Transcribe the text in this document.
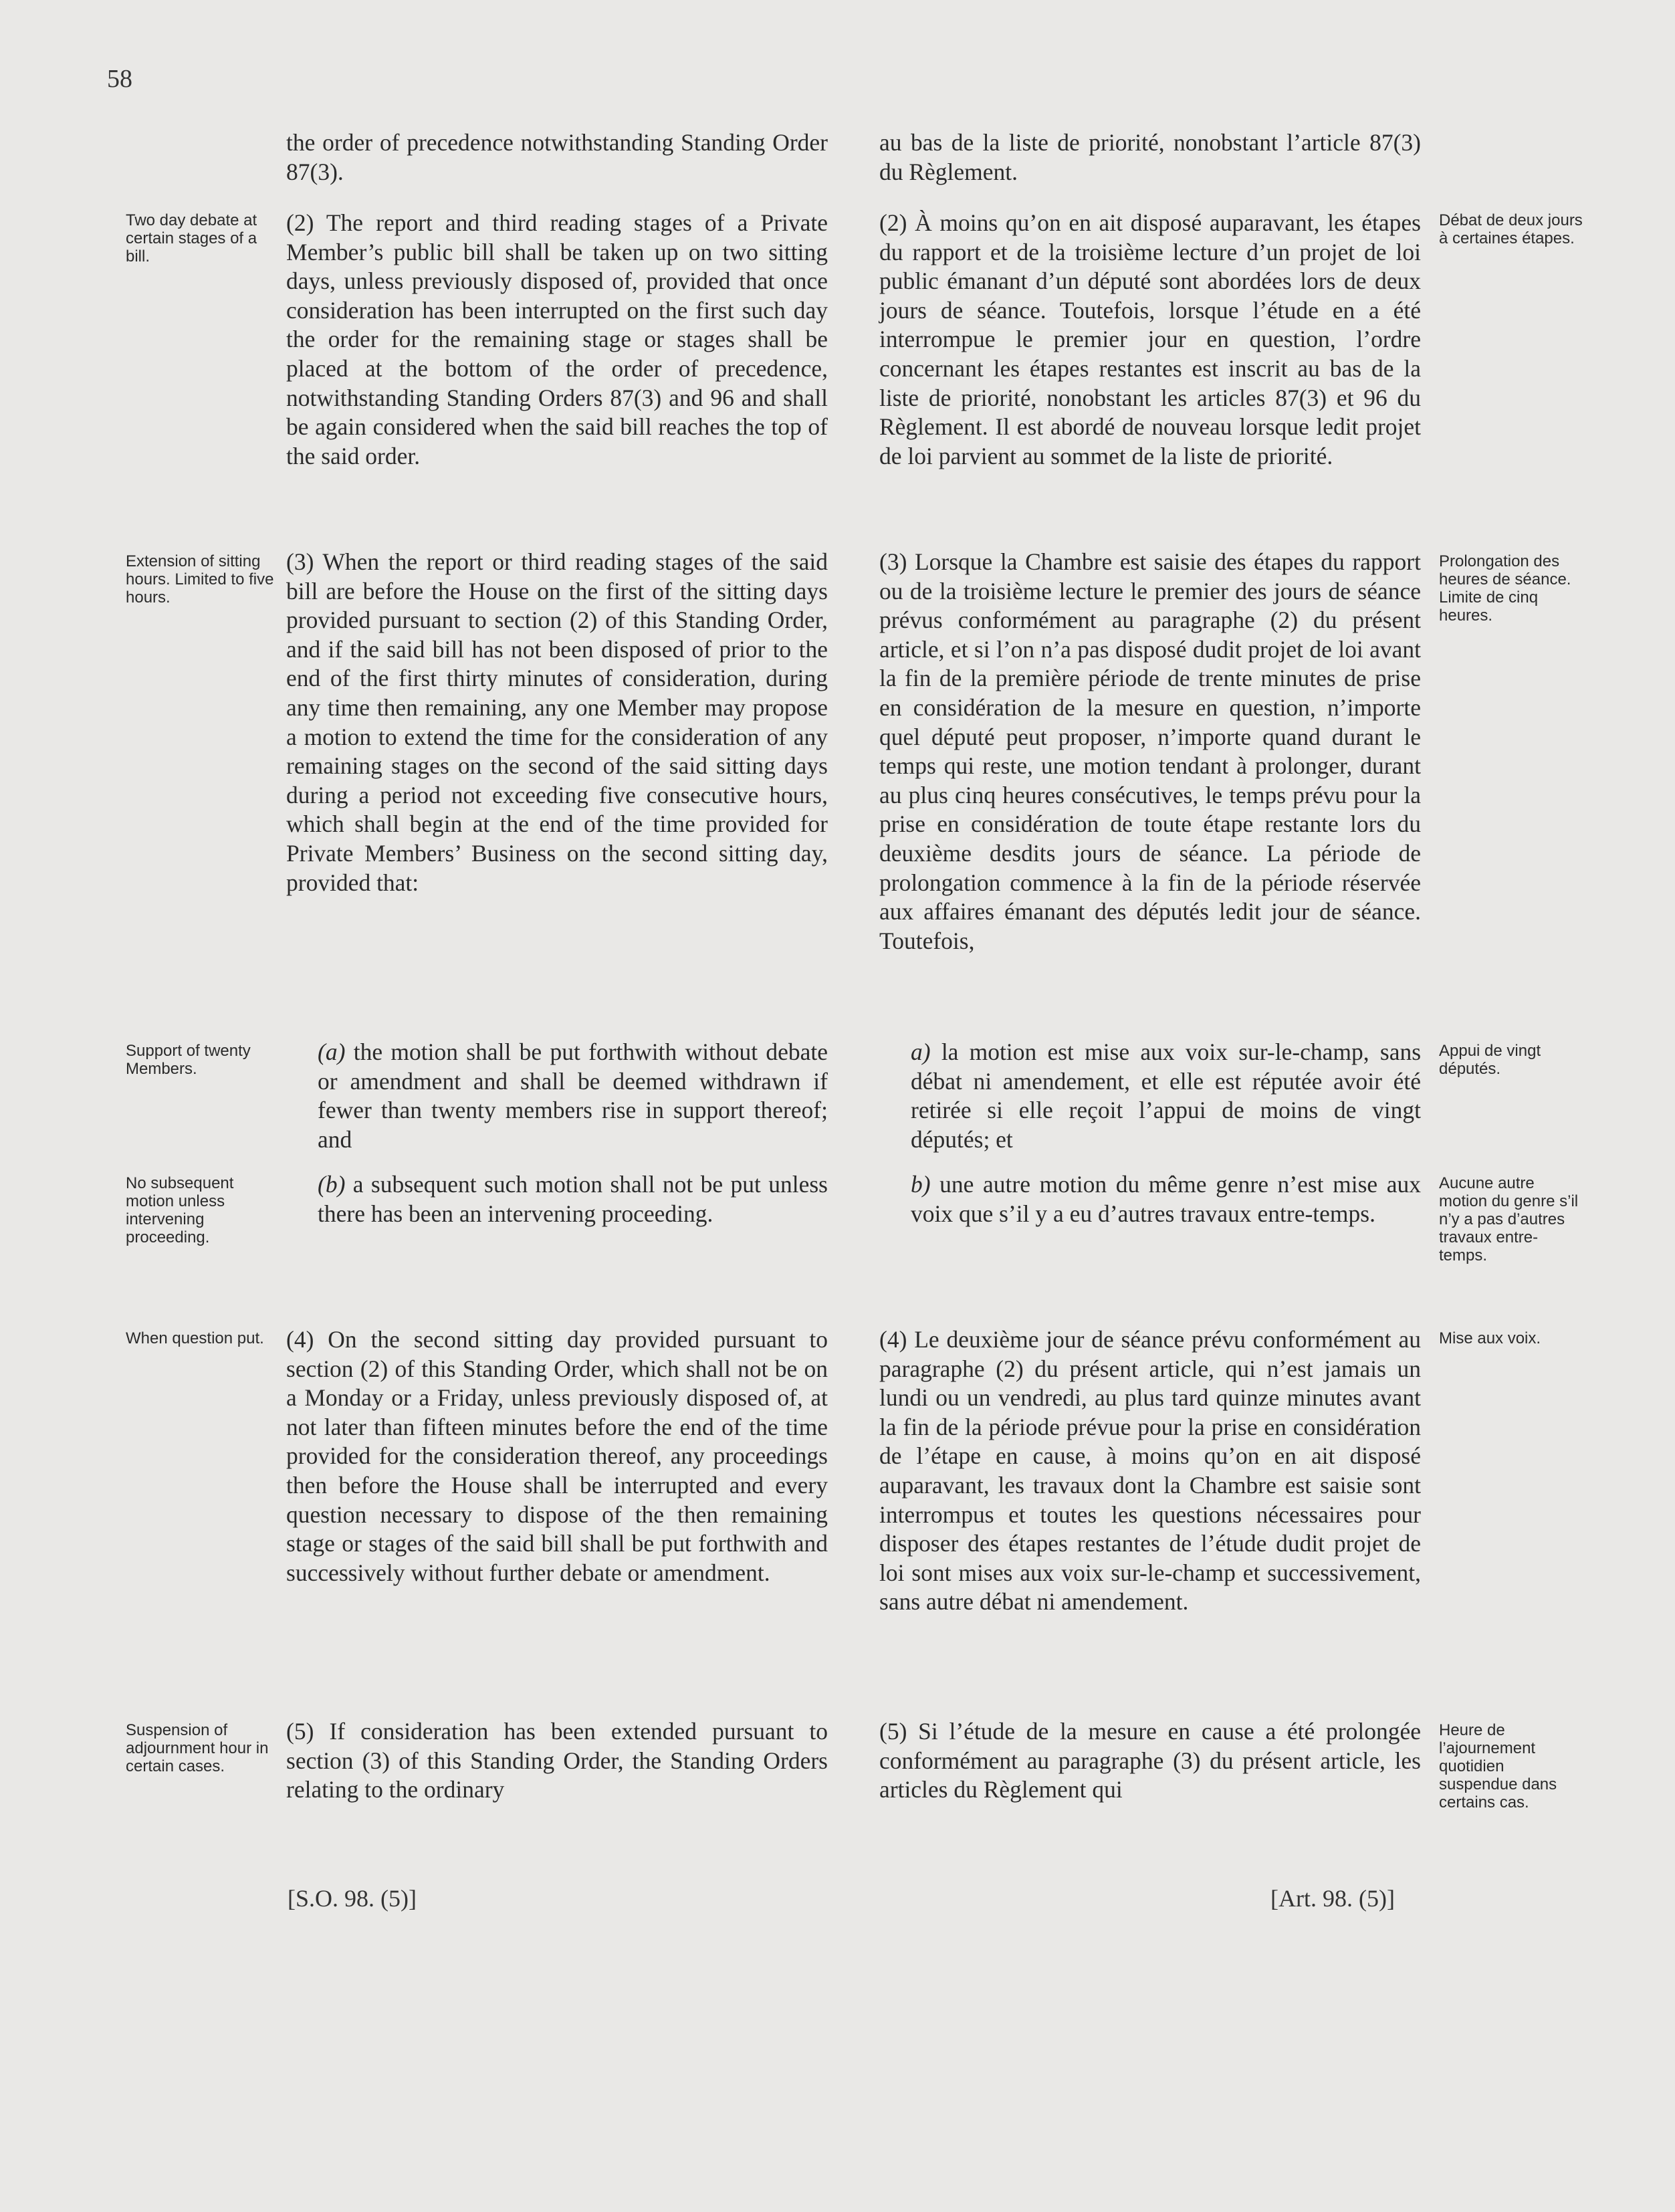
58

the order of precedence notwithstanding Standing Order 87(3).

au bas de la liste de priorité, nonobstant l’article 87(3) du Règlement.

Two day debate at certain stages of a bill.

(2) The report and third reading stages of a Private Member’s public bill shall be taken up on two sitting days, unless previously disposed of, provided that once consideration has been interrupted on the first such day the order for the remaining stage or stages shall be placed at the bottom of the order of precedence, notwithstanding Standing Orders 87(3) and 96 and shall be again considered when the said bill reaches the top of the said order.

(2) À moins qu’on en ait disposé auparavant, les étapes du rapport et de la troisième lecture d’un projet de loi public émanant d’un député sont abordées lors de deux jours de séance. Toutefois, lorsque l’étude en a été interrompue le premier jour en question, l’ordre concernant les étapes restantes est inscrit au bas de la liste de priorité, nonobstant les articles 87(3) et 96 du Règlement. Il est abordé de nouveau lorsque ledit projet de loi parvient au sommet de la liste de priorité.

Débat de deux jours à certaines étapes.
Extension of sitting hours. Limited to five hours.

(3) When the report or third reading stages of the said bill are before the House on the first of the sitting days provided pursuant to section (2) of this Standing Order, and if the said bill has not been disposed of prior to the end of the first thirty minutes of consideration, during any time then remaining, any one Member may propose a motion to extend the time for the consideration of any remaining stages on the second of the said sitting days during a period not exceeding five consecutive hours, which shall begin at the end of the time provided for Private Members’ Business on the second sitting day, provided that:

(3) Lorsque la Chambre est saisie des étapes du rapport ou de la troisième lecture le premier des jours de séance prévus conformément au paragraphe (2) du présent article, et si l’on n’a pas disposé dudit projet de loi avant la fin de la première période de trente minutes de prise en considération de la mesure en question, n’importe quel député peut proposer, n’importe quand durant le temps qui reste, une motion tendant à prolonger, durant au plus cinq heures consécutives, le temps prévu pour la prise en considération de toute étape restante lors du deuxième desdits jours de séance. La période de prolongation commence à la fin de la période réservée aux affaires émanant des députés ledit jour de séance. Toutefois,

Prolongation des heures de séance. Limite de cinq heures.
Support of twenty Members.

(a) the motion shall be put forthwith without debate or amendment and shall be deemed withdrawn if fewer than twenty members rise in support thereof; and

a) la motion est mise aux voix sur-le-champ, sans débat ni amendement, et elle est réputée avoir été retirée si elle reçoit l’appui de moins de vingt députés; et

Appui de vingt députés.
No subsequent motion unless intervening proceeding.

(b) a subsequent such motion shall not be put unless there has been an intervening proceeding.

b) une autre motion du même genre n’est mise aux voix que s’il y a eu d’autres travaux entre-temps.

Aucune autre motion du genre s’il n’y a pas d’autres travaux entre-temps.
When question put. (4) On the second sitting day provided pursuant to section (2) of this Standing Order, which shall not be on a Monday or a Friday, unless previously disposed of, at not later than fifteen minutes before the end of the time provided for the consideration thereof, any proceedings then before the House shall be interrupted and every question necessary to dispose of the then remaining stage or stages of the said bill shall be put forthwith and successively without further debate or amendment.

(4) Le deuxième jour de séance prévu conformément au paragraphe (2) du présent article, qui n’est jamais un lundi ou un vendredi, au plus tard quinze minutes avant la fin de la période prévue pour la prise en considération de l’étape en cause, à moins qu’on en ait disposé auparavant, les travaux dont la Chambre est saisie sont interrompus et toutes les questions nécessaires pour disposer des étapes restantes de l’étude dudit projet de loi sont mises aux voix sur-le-champ et successivement, sans autre débat ni amendement.

Mise aux voix.
Suspension of adjournment hour in certain cases.

(5) If consideration has been extended pursuant to section (3) of this Standing Order, the Standing Orders relating to the ordinary

(5) Si l’étude de la mesure en cause a été prolongée conformément au paragraphe (3) du présent article, les articles du Règlement qui

Heure de l’ajournement quotidien suspendue dans certains cas.
[S.O. 98. (5)]	[Art. 98. (5)]
